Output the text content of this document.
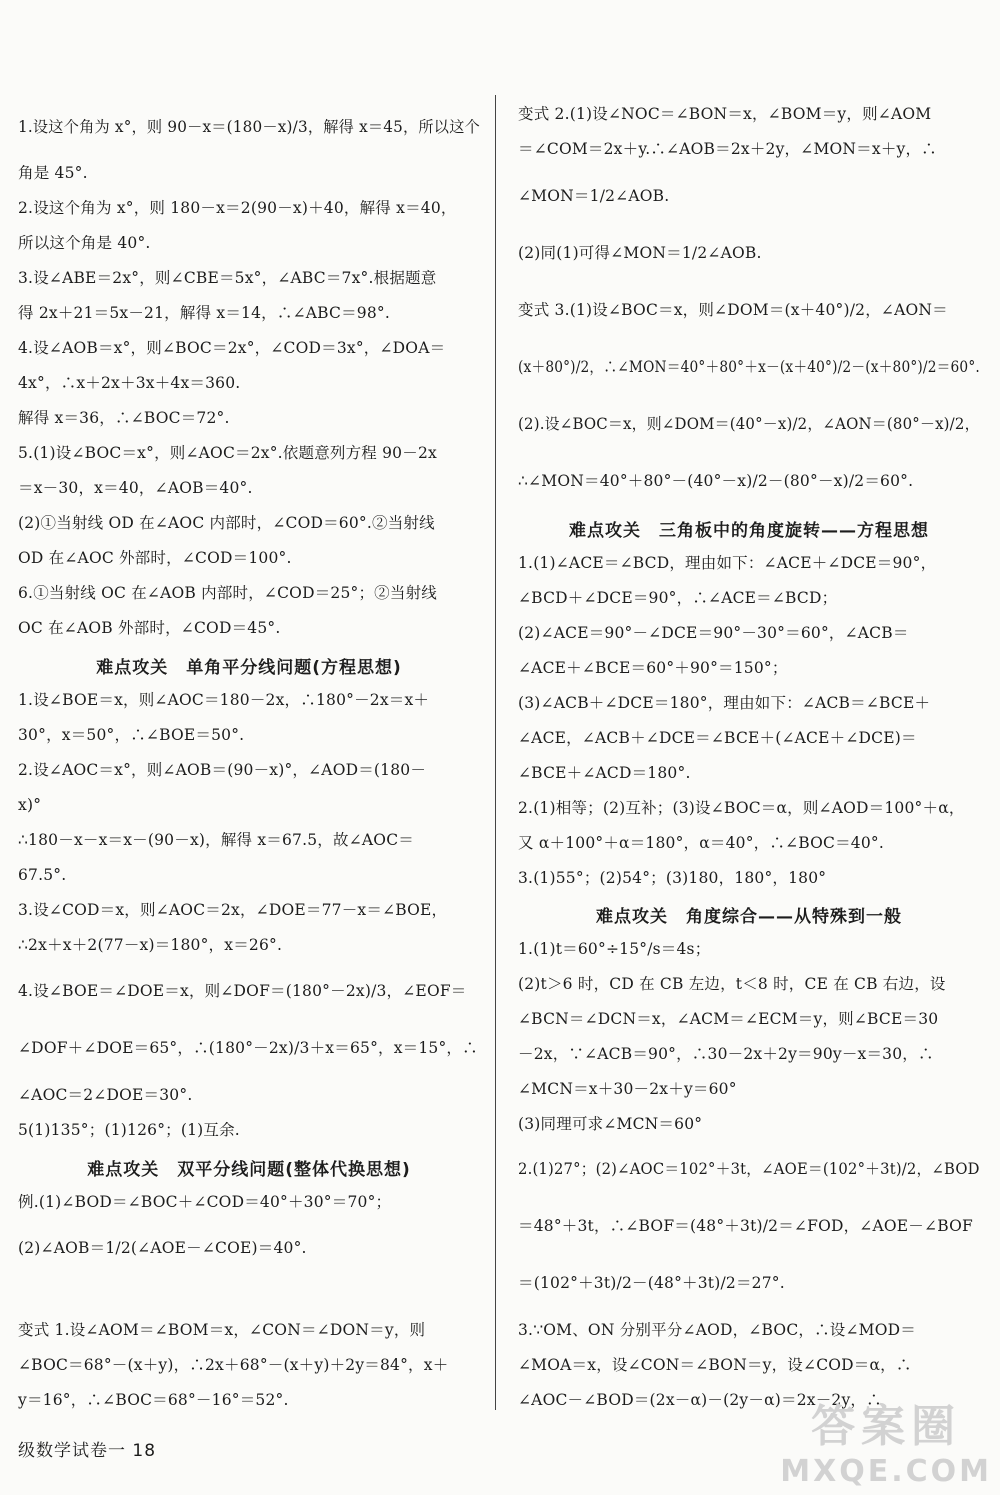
1.设这个角为 x°，则 90－x＝(180－x)/3，解得 x＝45，所以这个
角是 45°.
2.设这个角为 x°，则 180－x＝2(90－x)＋40，解得 x＝40，
所以这个角是 40°.
3.设∠ABE＝2x°，则∠CBE＝5x°，∠ABC＝7x°.根据题意
得 2x＋21＝5x－21，解得 x＝14，∴∠ABC＝98°.
4.设∠AOB＝x°，则∠BOC＝2x°，∠COD＝3x°，∠DOA＝
4x°，∴x＋2x＋3x＋4x＝360.
解得 x＝36，∴∠BOC＝72°.
5.(1)设∠BOC＝x°，则∠AOC＝2x°.依题意列方程 90－2x
＝x－30，x＝40，∠AOB＝40°.
(2)①当射线 OD 在∠AOC 内部时，∠COD＝60°.②当射线
OD 在∠AOC 外部时，∠COD＝100°.
6.①当射线 OC 在∠AOB 内部时，∠COD＝25°；②当射线
OC 在∠AOB 外部时，∠COD＝45°.
难点攻关　单角平分线问题(方程思想)
1.设∠BOE＝x，则∠AOC＝180－2x，∴180°－2x＝x＋
30°，x＝50°，∴∠BOE＝50°.
2.设∠AOC＝x°，则∠AOB＝(90－x)°，∠AOD＝(180－
x)°
∴180－x－x＝x－(90－x)，解得 x＝67.5，故∠AOC＝
67.5°.
3.设∠COD＝x，则∠AOC＝2x，∠DOE＝77－x＝∠BOE，
∴2x＋x＋2(77－x)＝180°，x＝26°.
4.设∠BOE＝∠DOE＝x，则∠DOF＝(180°－2x)/3，∠EOF＝
∠DOF＋∠DOE＝65°，∴(180°－2x)/3＋x＝65°，x＝15°，∴
∠AOC＝2∠DOE＝30°.
5(1)135°；(1)126°；(1)互余.
难点攻关　双平分线问题(整体代换思想)
例.(1)∠BOD＝∠BOC＋∠COD＝40°＋30°＝70°；
(2)∠AOB＝1/2(∠AOE－∠COE)＝40°.
变式 1.设∠AOM＝∠BOM＝x，∠CON＝∠DON＝y，则
∠BOC＝68°－(x＋y)，∴2x＋68°－(x＋y)＋2y＝84°，x＋
y＝16°，∴∠BOC＝68°－16°＝52°.
级数学试卷一 18
变式 2.(1)设∠NOC＝∠BON＝x，∠BOM＝y，则∠AOM
＝∠COM＝2x＋y.∴∠AOB＝2x＋2y，∠MON＝x＋y，∴
∠MON＝1/2∠AOB.
(2)同(1)可得∠MON＝1/2∠AOB.
变式 3.(1)设∠BOC＝x，则∠DOM＝(x＋40°)/2，∠AON＝
(x＋80°)/2，∴∠MON＝40°＋80°＋x－(x＋40°)/2－(x＋80°)/2＝60°.
(2).设∠BOC＝x，则∠DOM＝(40°－x)/2，∠AON＝(80°－x)/2，
∴∠MON＝40°＋80°－(40°－x)/2－(80°－x)/2＝60°.
难点攻关　三角板中的角度旋转——方程思想
1.(1)∠ACE＝∠BCD，理由如下：∠ACE＋∠DCE＝90°，
∠BCD＋∠DCE＝90°，∴∠ACE＝∠BCD；
(2)∠ACE＝90°－∠DCE＝90°－30°＝60°，∠ACB＝
∠ACE＋∠BCE＝60°＋90°＝150°；
(3)∠ACB＋∠DCE＝180°，理由如下：∠ACB＝∠BCE＋
∠ACE，∠ACB＋∠DCE＝∠BCE＋(∠ACE＋∠DCE)＝
∠BCE＋∠ACD＝180°.
2.(1)相等；(2)互补；(3)设∠BOC＝α，则∠AOD＝100°＋α，
又 α＋100°＋α＝180°，α＝40°，∴∠BOC＝40°.
3.(1)55°；(2)54°；(3)180，180°，180°
难点攻关　角度综合——从特殊到一般
1.(1)t＝60°÷15°/s＝4s；
(2)t＞6 时，CD 在 CB 左边，t＜8 时，CE 在 CB 右边，设
∠BCN＝∠DCN＝x，∠ACM＝∠ECM＝y，则∠BCE＝30
－2x，∵∠ACB＝90°，∴30－2x＋2y＝90y－x＝30，∴
∠MCN＝x＋30－2x＋y＝60°
(3)同理可求∠MCN＝60°
2.(1)27°；(2)∠AOC＝102°＋3t，∠AOE＝(102°＋3t)/2，∠BOD
＝48°＋3t，∴∠BOF＝(48°＋3t)/2＝∠FOD，∠AOE－∠BOF
＝(102°＋3t)/2－(48°＋3t)/2＝27°.
3.∵OM、ON 分别平分∠AOD，∠BOC，∴设∠MOD＝
∠MOA＝x，设∠CON＝∠BON＝y，设∠COD＝α，∴
∠AOC－∠BOD＝(2x－α)－(2y－α)＝2x－2y，∴
答案圈
MXQE.COM
